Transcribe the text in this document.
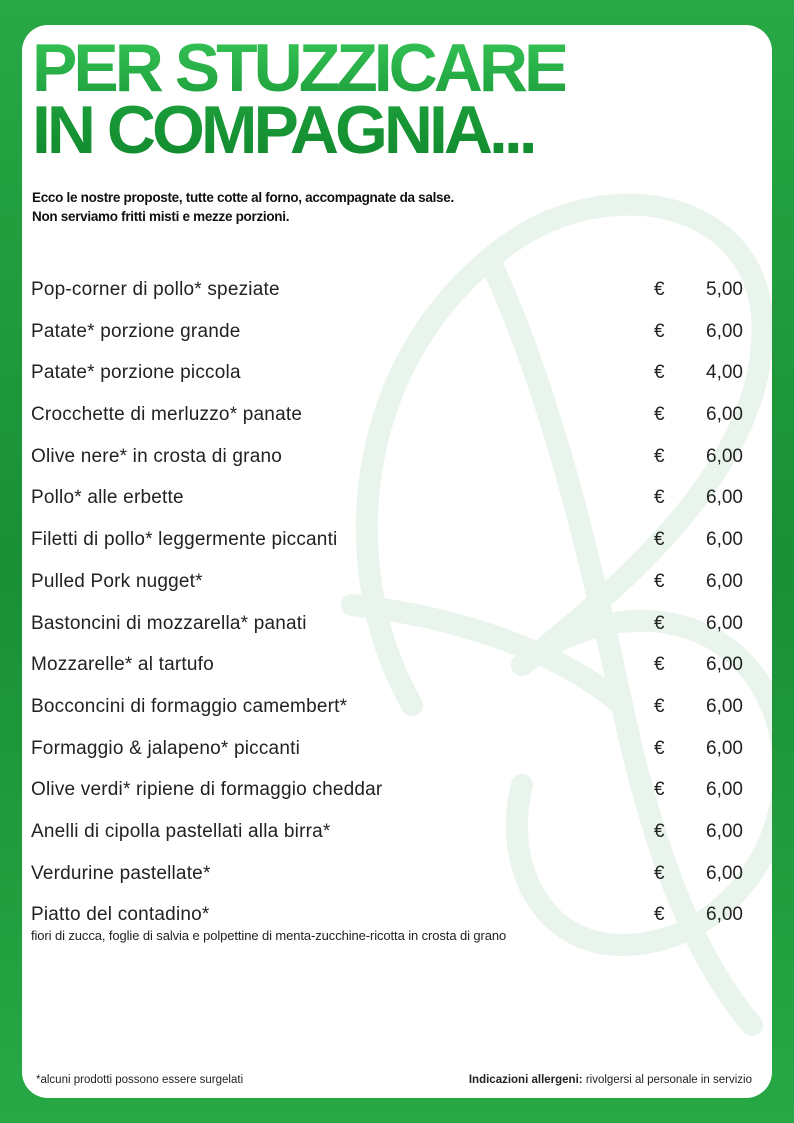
PER STUZZICARE
IN COMPAGNIA...

Ecco le nostre proposte, tutte cotte al forno, accompagnate da salse.
Non serviamo fritti misti e mezze porzioni.

Pop-corner di pollo* speziate	€ 5,00
Patate* porzione grande	€ 6,00
Patate* porzione piccola	€ 4,00
Crocchette di merluzzo* panate	€ 6,00
Olive nere* in crosta di grano	€ 6,00
Pollo* alle erbette	€ 6,00
Filetti di pollo* leggermente piccanti	€ 6,00
Pulled Pork nugget*	€ 6,00
Bastoncini di mozzarella* panati	€ 6,00
Mozzarelle* al tartufo	€ 6,00
Bocconcini di formaggio camembert*	€ 6,00
Formaggio & jalapeno* piccanti	€ 6,00
Olive verdi* ripiene di formaggio cheddar	€ 6,00
Anelli di cipolla pastellati alla birra*	€ 6,00
Verdurine pastellate*	€ 6,00
Piatto del contadino*	€ 6,00
fiori di zucca, foglie di salvia e polpettine di menta-zucchine-ricotta in crosta di grano
*alcuni prodotti possono essere surgelati	Indicazioni allergeni: rivolgersi al personale in servizio
